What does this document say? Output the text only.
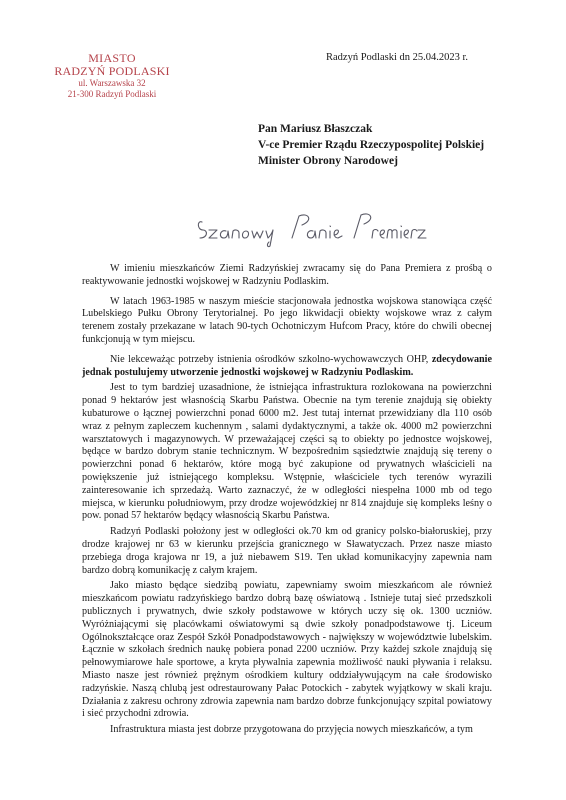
MIASTO
RADZYŃ PODLASKI
ul. Warszawska 32
21-300 Radzyń Podlaski
Radzyń Podlaski dn 25.04.2023 r.
Pan Mariusz Błaszczak
V-ce Premier Rządu Rzeczypospolitej Polskiej
Minister Obrony Narodowej

W imieniu mieszkańców Ziemi Radzyńskiej zwracamy się do Pana Premiera z prośbą o reaktywowanie jednostki wojskowej w Radzyniu Podlaskim.

W latach 1963-1985 w naszym mieście stacjonowała jednostka wojskowa stanowiąca część Lubelskiego Pułku Obrony Terytorialnej. Po jego likwidacji obiekty wojskowe wraz z całym terenem zostały przekazane w latach 90-tych Ochotniczym Hufcom Pracy, które do chwili obecnej funkcjonują w tym miejscu.

Nie lekceważąc potrzeby istnienia ośrodków szkolno-wychowawczych OHP, zdecydowanie jednak postulujemy utworzenie jednostki wojskowej w Radzyniu Podlaskim.

Jest to tym bardziej uzasadnione, że istniejąca infrastruktura rozlokowana na powierzchni ponad 9 hektarów jest własnością Skarbu Państwa. Obecnie na tym terenie znajdują się obiekty kubaturowe o łącznej powierzchni ponad 6000 m2. Jest tutaj internat przewidziany dla 110 osób wraz z pełnym zapleczem kuchennym , salami dydaktycznymi, a także ok. 4000 m2 powierzchni warsztatowych i magazynowych. W przeważającej części są to obiekty po jednostce wojskowej, będące w bardzo dobrym stanie technicznym. W bezpośrednim sąsiedztwie znajdują się tereny o powierzchni ponad 6 hektarów, które mogą być zakupione od prywatnych właścicieli na powiększenie już istniejącego kompleksu. Wstępnie, właściciele tych terenów wyrazili zainteresowanie ich sprzedażą. Warto zaznaczyć, że w odległości niespełna 1000 mb od tego miejsca, w kierunku południowym, przy drodze wojewódzkiej nr 814 znajduje się kompleks leśny o pow. ponad 57 hektarów będący własnością Skarbu Państwa.

Radzyń Podlaski położony jest w odległości ok.70 km od granicy polsko-białoruskiej, przy drodze krajowej nr 63 w kierunku przejścia granicznego w Sławatyczach. Przez nasze miasto przebiega droga krajowa nr 19, a już niebawem S19. Ten układ komunikacyjny zapewnia nam bardzo dobrą komunikację z całym krajem.

Jako miasto będące siedzibą powiatu, zapewniamy swoim mieszkańcom ale również mieszkańcom powiatu radzyńskiego bardzo dobrą bazę oświatową . Istnieje tutaj sieć przedszkoli publicznych i prywatnych, dwie szkoły podstawowe w których uczy się ok. 1300 uczniów. Wyróżniającymi się placówkami oświatowymi są dwie szkoły ponadpodstawowe tj. Liceum Ogólnokształcące oraz Zespół Szkół Ponadpodstawowych - największy w województwie lubelskim. Łącznie w szkołach średnich naukę pobiera ponad 2200 uczniów. Przy każdej szkole znajdują się pełnowymiarowe hale sportowe, a kryta pływalnia zapewnia możliwość nauki pływania i relaksu. Miasto nasze jest również prężnym ośrodkiem kultury oddziaływującym na całe środowisko radzyńskie. Naszą chlubą jest odrestaurowany Pałac Potockich - zabytek wyjątkowy w skali kraju. Działania z zakresu ochrony zdrowia zapewnia nam bardzo dobrze funkcjonujący szpital powiatowy i sieć przychodni zdrowia.

Infrastruktura miasta jest dobrze przygotowana do przyjęcia nowych mieszkańców, a tym
